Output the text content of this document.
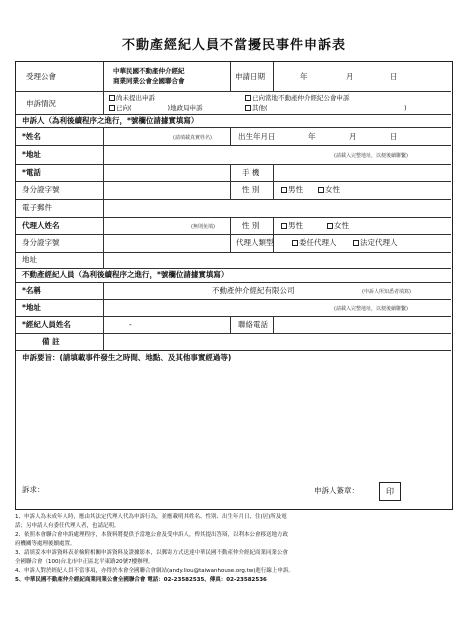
不動產經紀人員不當擾民事件申訴表
受理公會
中華民國不動產仲介經紀
商業同業公會全國聯合會	申請日期	年	月	日
申訴情況
尚未提出申訴	已向當地不動產仲介經紀公會申訴
已向(	)地政局申訴	其他(	)
申訴人（為利後續程序之進行，*號欄位請據實填寫）
*姓名	(請填載真實姓名)	出生年月日	年	月	日
*地址	(請載入完整地址，以便後續聯繫)
*電話	手 機
身分證字號	性 別	男性	女性
電子郵件
代理人姓名	(無則免填)	性 別	男性	女性
身分證字號	代理人類型	委任代理人	法定代理人
地址
不動產經紀人員（為利後續程序之進行，*號欄位請據實填寫）
*名稱	不動產仲介經紀有限公司	(申訴人所知悉者填寫)
*地址	(請載入完整地址，以便後續聯繫)
*經紀人員姓名	-	聯絡電話
備 註
申訴要旨：(請填載事件發生之時間、地點、及其他事實經過等)
訴求：	申訴人簽章：	印
1、申訴人為未成年人時，應由其法定代理人代為申訴行為，並應載明其姓名、性別、出生年月日、住(居)所及電
話；另申請人有委任代理人者，也請記明。
2、依照本會聯合會申訴處理程序，本資料將提供予當地公會及受申訴人，俾其提出答辯，以利本公會移送地方政
府機關等處理後續處置。
3、請填妥本申訴資料表並檢附相關申訴資料及證據影本，以郵寄方式送達中華民國不動產仲介經紀商業同業公會
全國聯合會（100)台北市中正區北平東路20號7樓辦理。
4、申訴人對於經紀人員不當事項，亦得於本會全國聯合會網站(andy.liou@taiwanhouse.org.tw)進行線上申訴。
5、中華民國不動產仲介經紀商業同業公會全國聯合會 電話：02-23582535、傳真：02-23582536
